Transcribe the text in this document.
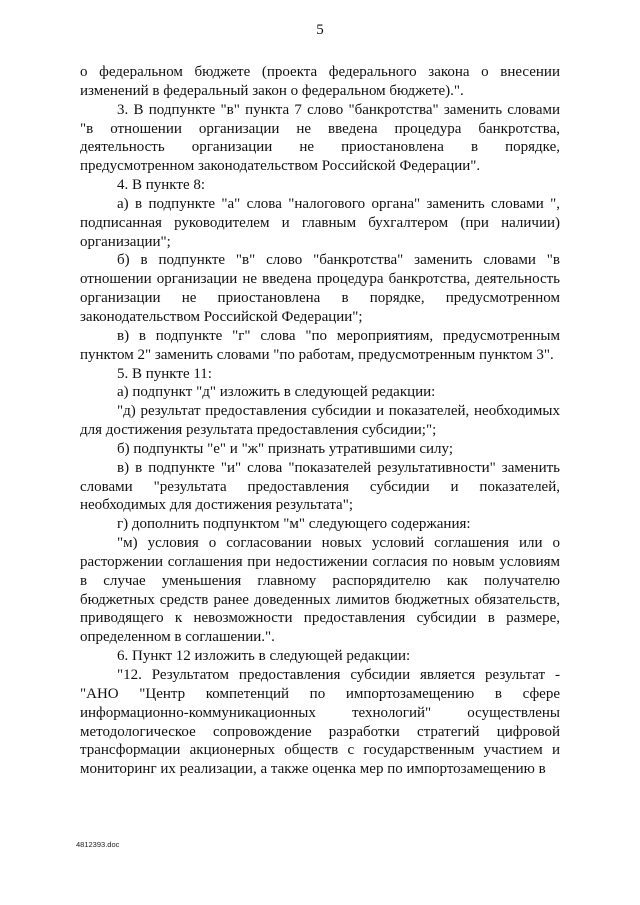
5

о федеральном бюджете (проекта федерального закона о внесении изменений в федеральный закон о федеральном бюджете).".

3. В подпункте "в" пункта 7 слово "банкротства" заменить словами "в отношении организации не введена процедура банкротства, деятельность организации не приостановлена в порядке, предусмотренном законодательством Российской Федерации".

4. В пункте 8:

а) в подпункте "а" слова "налогового органа" заменить словами ", подписанная руководителем и главным бухгалтером (при наличии) организации";

б) в подпункте "в" слово "банкротства" заменить словами "в отношении организации не введена процедура банкротства, деятельность организации не приостановлена в порядке, предусмотренном законодательством Российской Федерации";

в) в подпункте "г" слова "по мероприятиям, предусмотренным пунктом 2" заменить словами "по работам, предусмотренным пунктом 3".

5. В пункте 11:

а) подпункт "д" изложить в следующей редакции:

"д) результат предоставления субсидии и показателей, необходимых для достижения результата предоставления субсидии;";

б) подпункты "е" и "ж" признать утратившими силу;

в) в подпункте "и" слова "показателей результативности" заменить словами "результата предоставления субсидии и показателей, необходимых для достижения результата";

г) дополнить подпунктом "м" следующего содержания:

"м) условия о согласовании новых условий соглашения или о расторжении соглашения при недостижении согласия по новым условиям в случае уменьшения главному распорядителю как получателю бюджетных средств ранее доведенных лимитов бюджетных обязательств, приводящего к невозможности предоставления субсидии в размере, определенном в соглашении.".

6. Пункт 12 изложить в следующей редакции:

"12. Результатом предоставления субсидии является результат - "АНО "Центр компетенций по импортозамещению в сфере информационно-коммуникационных технологий" осуществлены методологическое сопровождение разработки стратегий цифровой трансформации акционерных обществ с государственным участием и мониторинг их реализации, а также оценка мер по импортозамещению в

4812393.doc
